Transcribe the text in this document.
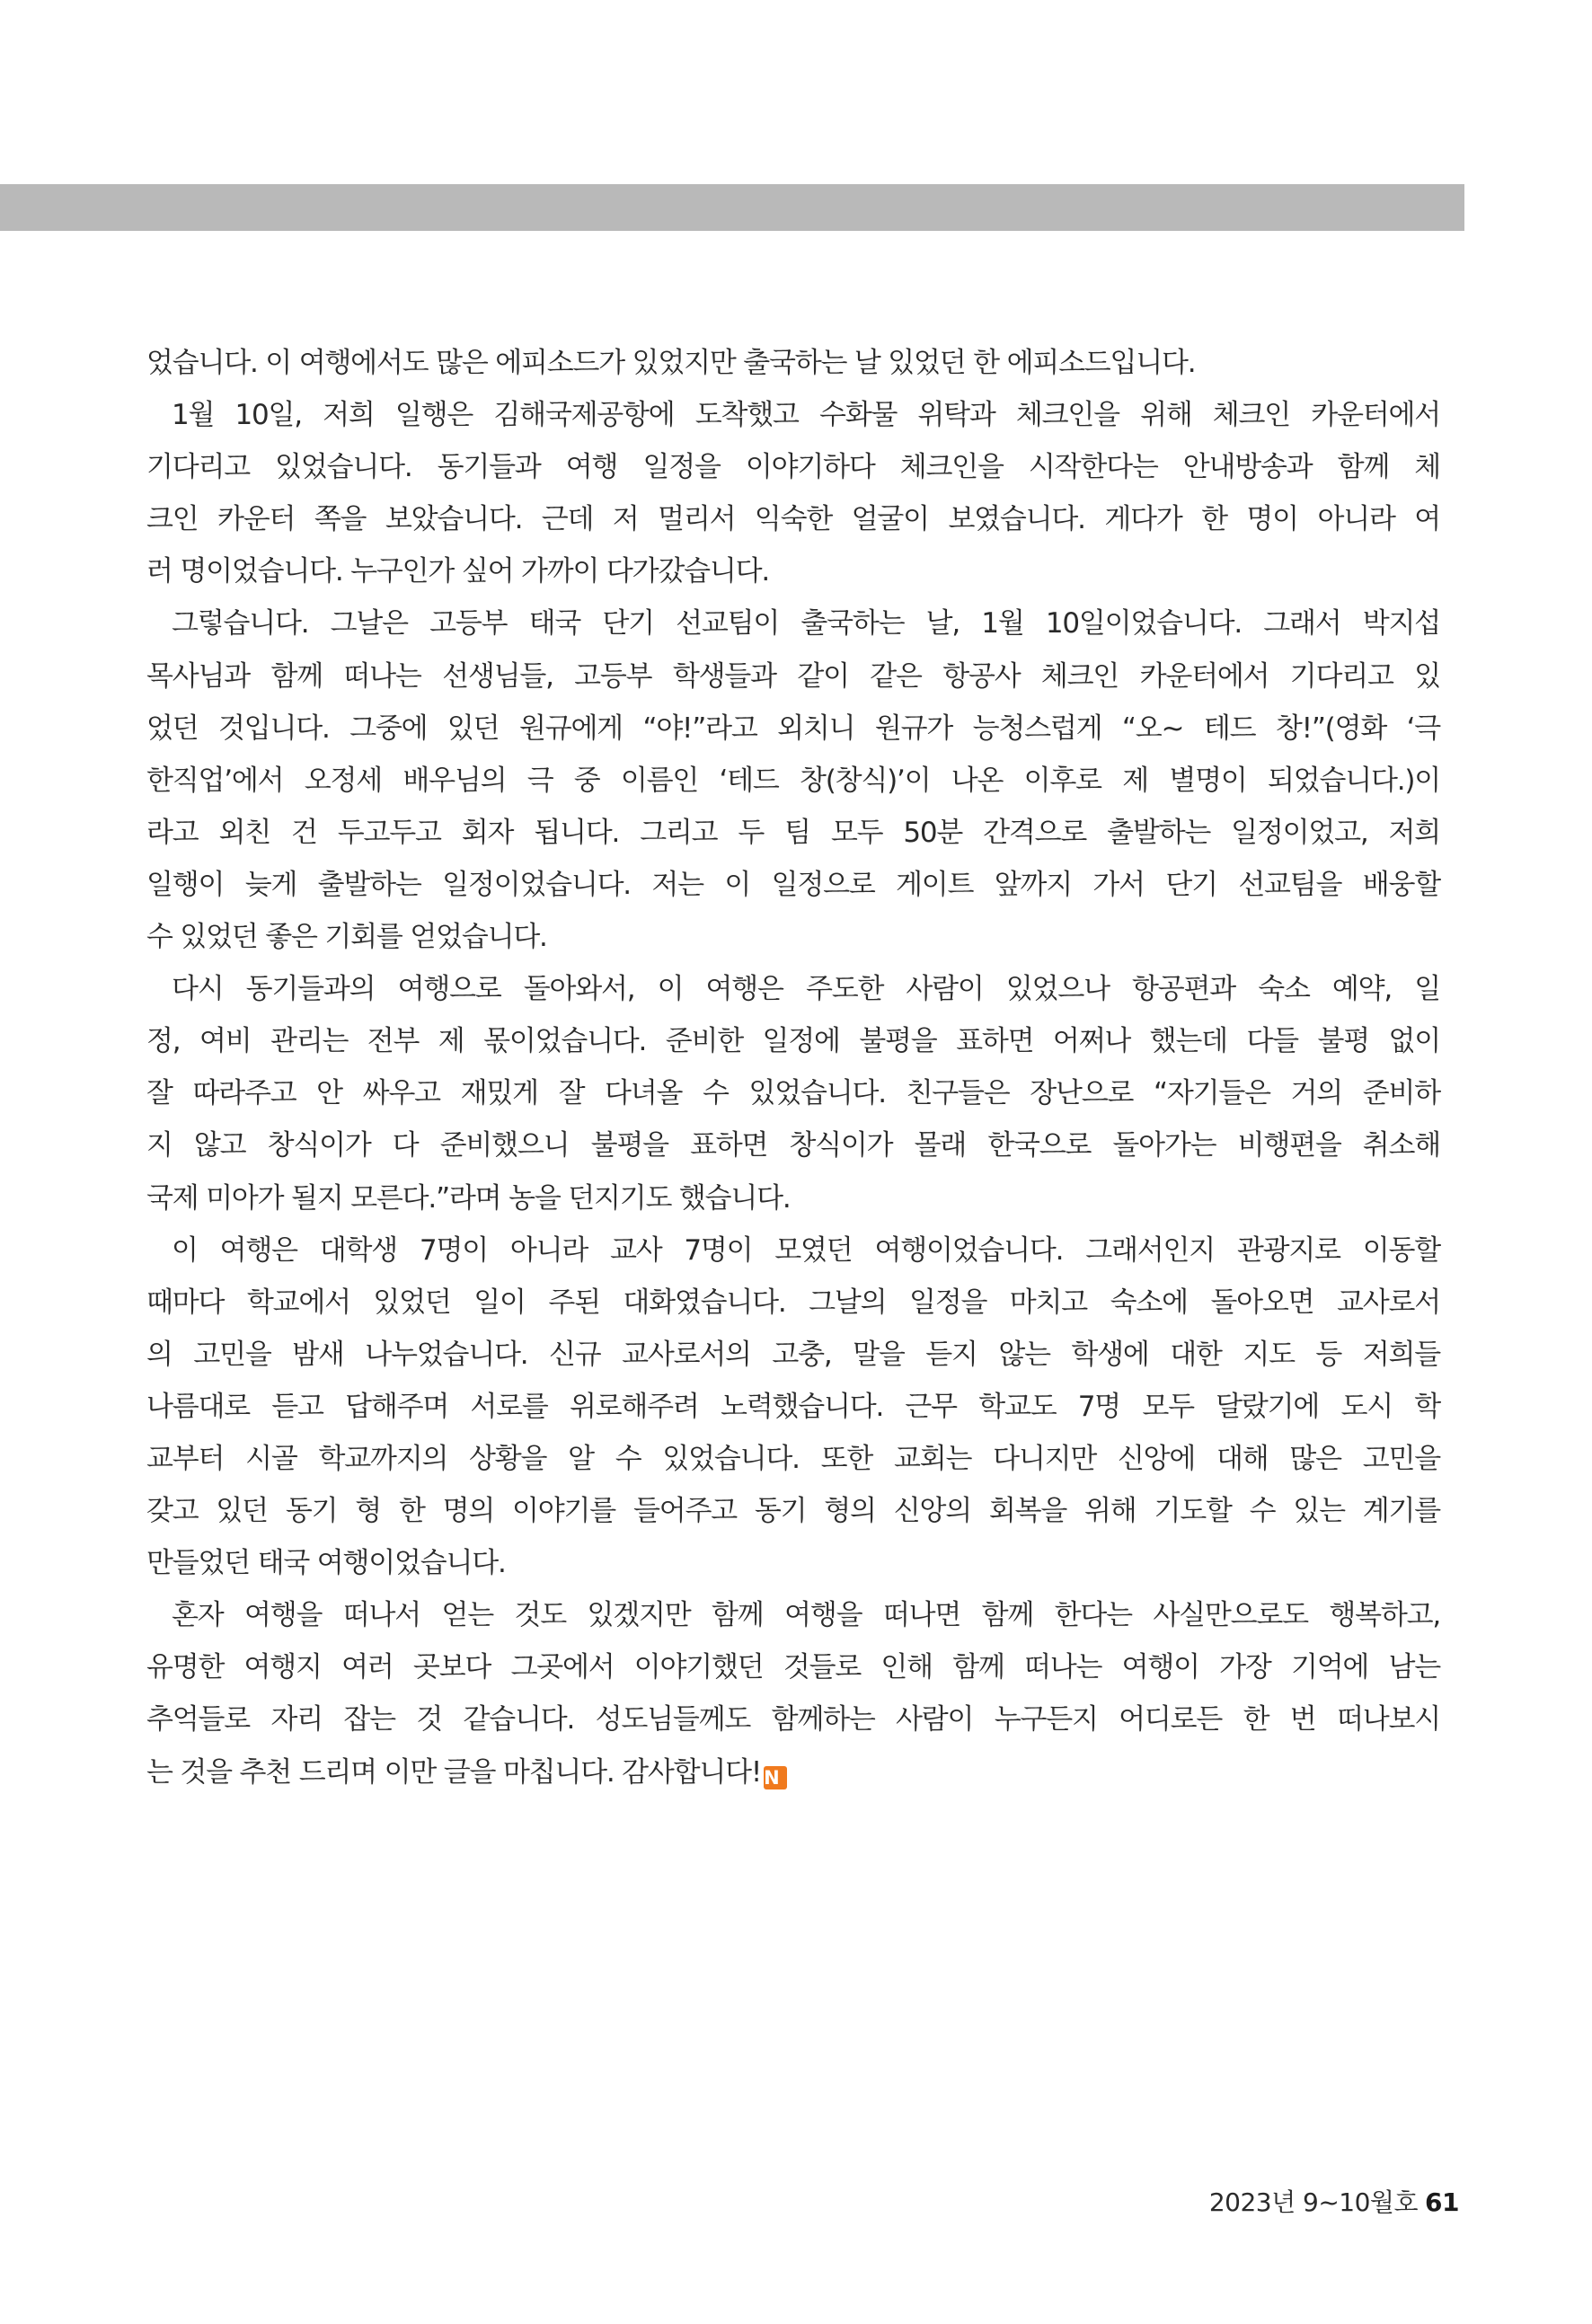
었습니다. 이 여행에서도 많은 에피소드가 있었지만 출국하는 날 있었던 한 에피소드입니다.
1월 10일, 저희 일행은 김해국제공항에 도착했고 수화물 위탁과 체크인을 위해 체크인 카운터에서
기다리고 있었습니다. 동기들과 여행 일정을 이야기하다 체크인을 시작한다는 안내방송과 함께 체
크인 카운터 쪽을 보았습니다. 근데 저 멀리서 익숙한 얼굴이 보였습니다. 게다가 한 명이 아니라 여
러 명이었습니다. 누구인가 싶어 가까이 다가갔습니다.
그렇습니다. 그날은 고등부 태국 단기 선교팀이 출국하는 날, 1월 10일이었습니다. 그래서 박지섭
목사님과 함께 떠나는 선생님들, 고등부 학생들과 같이 같은 항공사 체크인 카운터에서 기다리고 있
었던 것입니다. 그중에 있던 원규에게 “야!”라고 외치니 원규가 능청스럽게 “오~ 테드 창!”(영화 ‘극
한직업’에서 오정세 배우님의 극 중 이름인 ‘테드 창(창식)’이 나온 이후로 제 별명이 되었습니다.)이
라고 외친 건 두고두고 회자 됩니다. 그리고 두 팀 모두 50분 간격으로 출발하는 일정이었고, 저희
일행이 늦게 출발하는 일정이었습니다. 저는 이 일정으로 게이트 앞까지 가서 단기 선교팀을 배웅할
수 있었던 좋은 기회를 얻었습니다.
다시 동기들과의 여행으로 돌아와서, 이 여행은 주도한 사람이 있었으나 항공편과 숙소 예약, 일
정, 여비 관리는 전부 제 몫이었습니다. 준비한 일정에 불평을 표하면 어쩌나 했는데 다들 불평 없이
잘 따라주고 안 싸우고 재밌게 잘 다녀올 수 있었습니다. 친구들은 장난으로 “자기들은 거의 준비하
지 않고 창식이가 다 준비했으니 불평을 표하면 창식이가 몰래 한국으로 돌아가는 비행편을 취소해
국제 미아가 될지 모른다.”라며 농을 던지기도 했습니다.
이 여행은 대학생 7명이 아니라 교사 7명이 모였던 여행이었습니다. 그래서인지 관광지로 이동할
때마다 학교에서 있었던 일이 주된 대화였습니다. 그날의 일정을 마치고 숙소에 돌아오면 교사로서
의 고민을 밤새 나누었습니다. 신규 교사로서의 고충, 말을 듣지 않는 학생에 대한 지도 등 저희들
나름대로 듣고 답해주며 서로를 위로해주려 노력했습니다. 근무 학교도 7명 모두 달랐기에 도시 학
교부터 시골 학교까지의 상황을 알 수 있었습니다. 또한 교회는 다니지만 신앙에 대해 많은 고민을
갖고 있던 동기 형 한 명의 이야기를 들어주고 동기 형의 신앙의 회복을 위해 기도할 수 있는 계기를
만들었던 태국 여행이었습니다.
혼자 여행을 떠나서 얻는 것도 있겠지만 함께 여행을 떠나면 함께 한다는 사실만으로도 행복하고,
유명한 여행지 여러 곳보다 그곳에서 이야기했던 것들로 인해 함께 떠나는 여행이 가장 기억에 남는
추억들로 자리 잡는 것 같습니다. 성도님들께도 함께하는 사람이 누구든지 어디로든 한 번 떠나보시
는 것을 추천 드리며 이만 글을 마칩니다. 감사합니다! N
2023년 9~10월호 61
